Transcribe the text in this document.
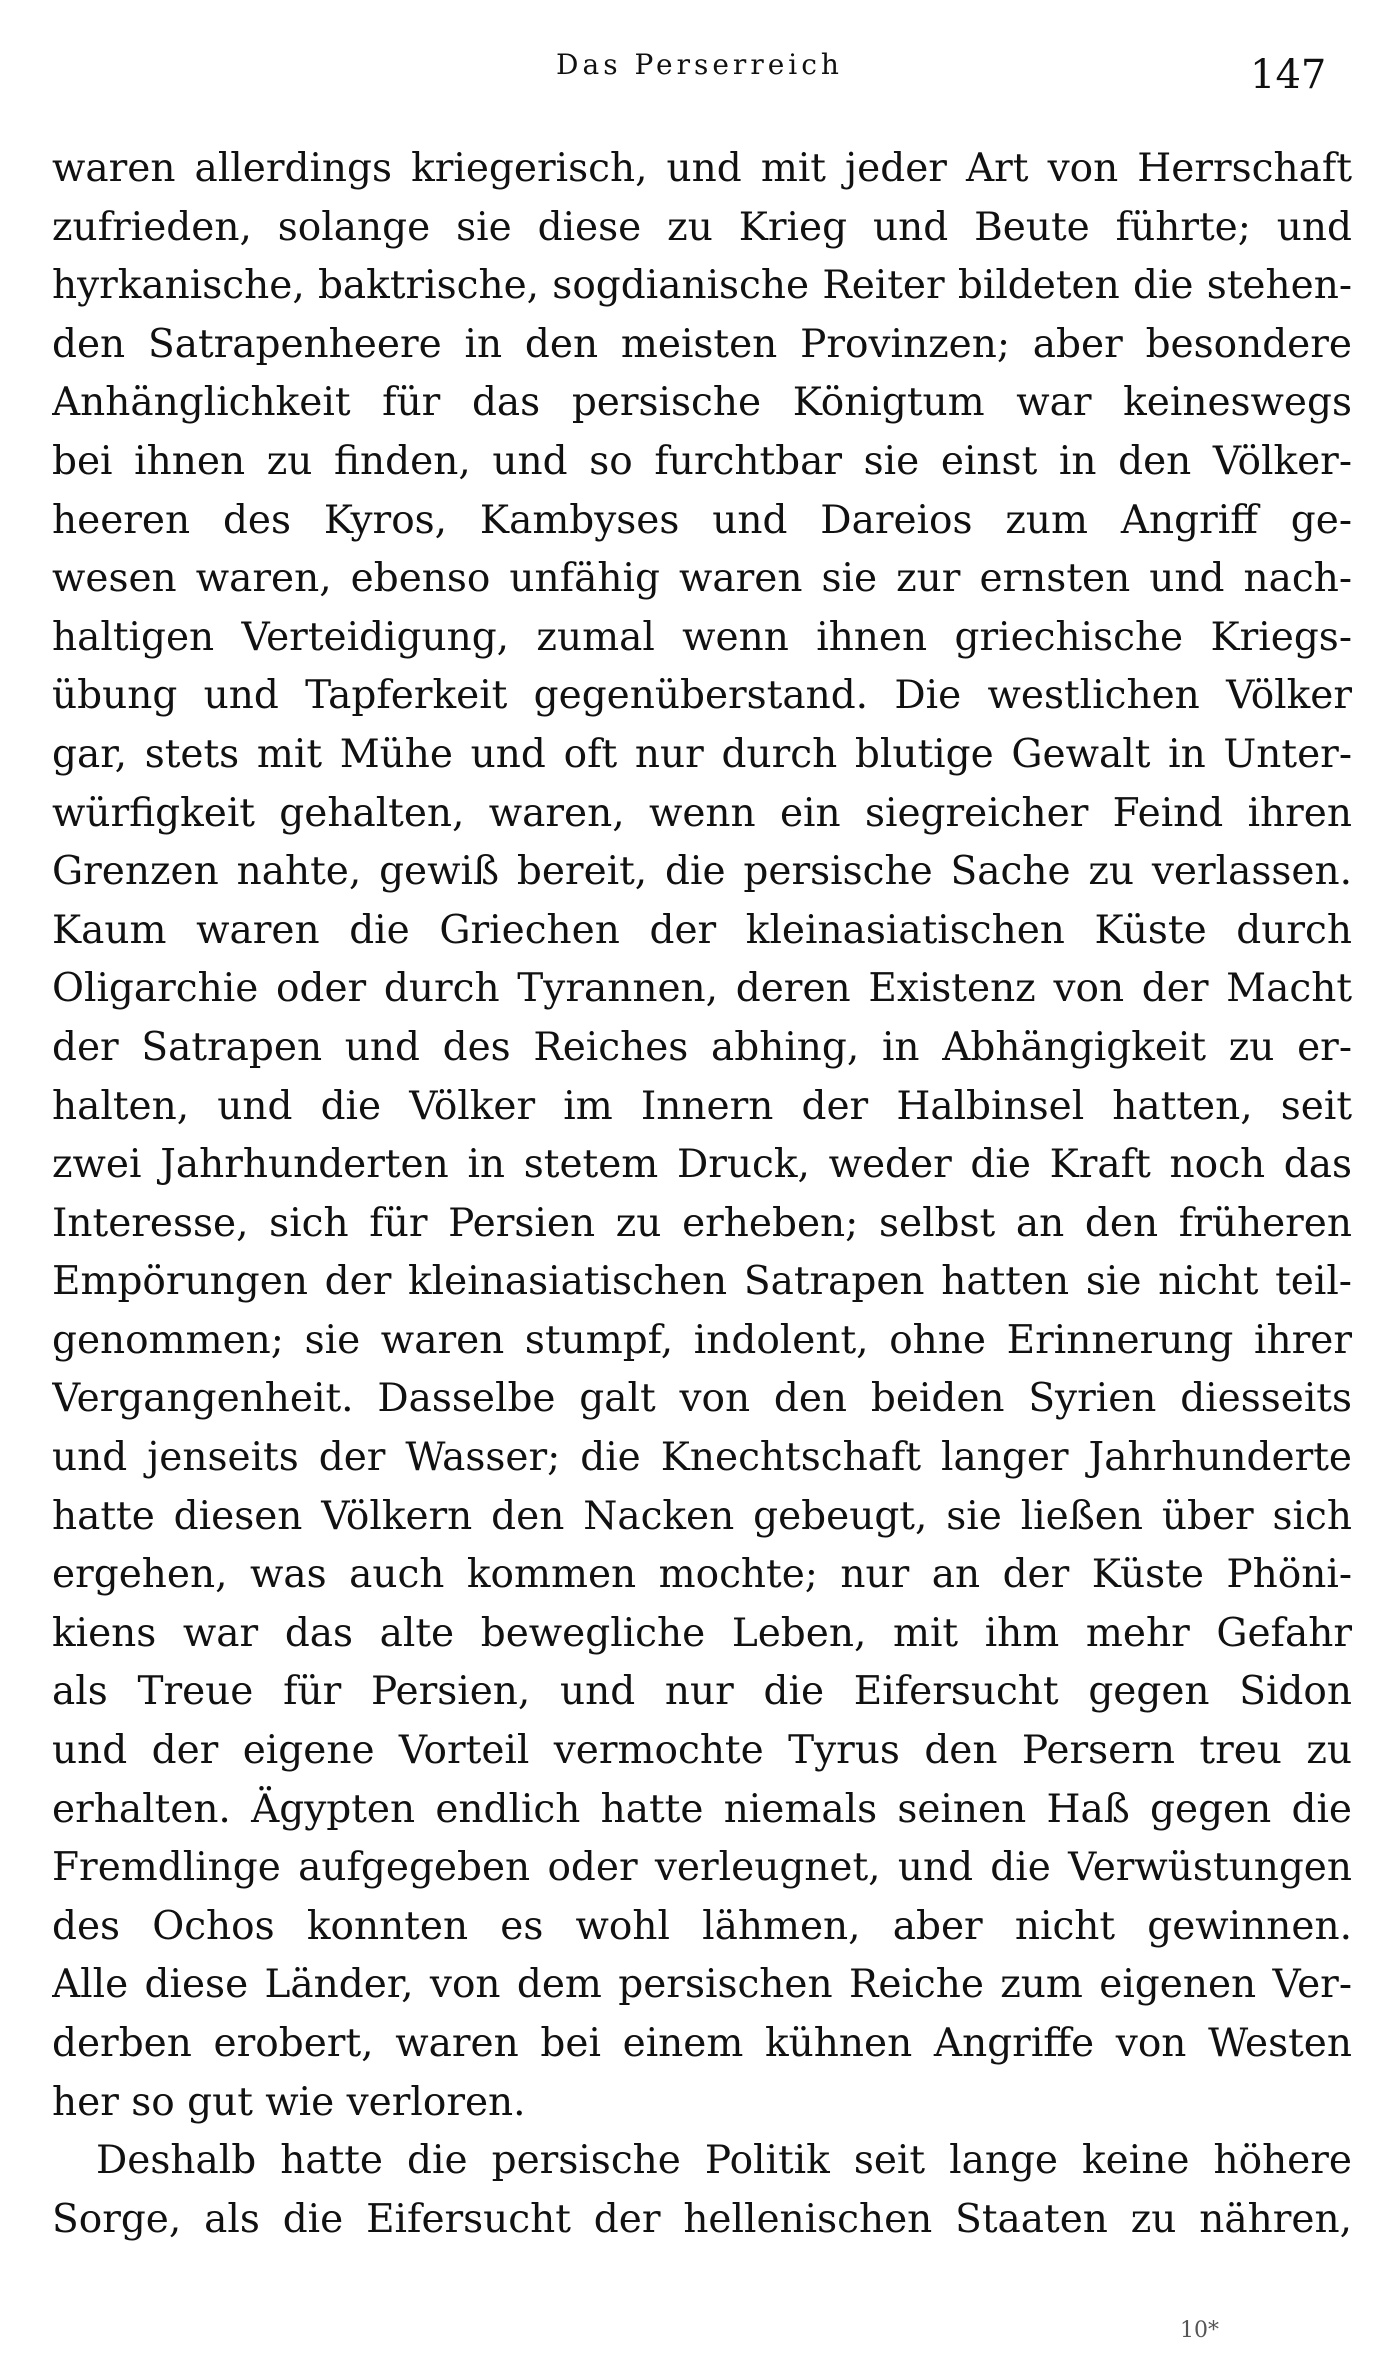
Das Perserreich	147
waren allerdings kriegerisch, und mit jeder Art von Herrschaft
zufrieden, solange sie diese zu Krieg und Beute führte; und
hyrkanische, baktrische, sogdianische Reiter bildeten die stehen-
den Satrapenheere in den meisten Provinzen; aber besondere
Anhänglichkeit für das persische Königtum war keineswegs
bei ihnen zu finden, und so furchtbar sie einst in den Völker-
heeren des Kyros, Kambyses und Dareios zum Angriff ge-
wesen waren, ebenso unfähig waren sie zur ernsten und nach-
haltigen Verteidigung, zumal wenn ihnen griechische Kriegs-
übung und Tapferkeit gegenüberstand. Die westlichen Völker
gar, stets mit Mühe und oft nur durch blutige Gewalt in Unter-
würfigkeit gehalten, waren, wenn ein siegreicher Feind ihren
Grenzen nahte, gewiß bereit, die persische Sache zu verlassen.
Kaum waren die Griechen der kleinasiatischen Küste durch
Oligarchie oder durch Tyrannen, deren Existenz von der Macht
der Satrapen und des Reiches abhing, in Abhängigkeit zu er-
halten, und die Völker im Innern der Halbinsel hatten, seit
zwei Jahrhunderten in stetem Druck, weder die Kraft noch das
Interesse, sich für Persien zu erheben; selbst an den früheren
Empörungen der kleinasiatischen Satrapen hatten sie nicht teil-
genommen; sie waren stumpf, indolent, ohne Erinnerung ihrer
Vergangenheit. Dasselbe galt von den beiden Syrien diesseits
und jenseits der Wasser; die Knechtschaft langer Jahrhunderte
hatte diesen Völkern den Nacken gebeugt, sie ließen über sich
ergehen, was auch kommen mochte; nur an der Küste Phöni-
kiens war das alte bewegliche Leben, mit ihm mehr Gefahr
als Treue für Persien, und nur die Eifersucht gegen Sidon
und der eigene Vorteil vermochte Tyrus den Persern treu zu
erhalten. Ägypten endlich hatte niemals seinen Haß gegen die
Fremdlinge aufgegeben oder verleugnet, und die Verwüstungen
des Ochos konnten es wohl lähmen, aber nicht gewinnen.
Alle diese Länder, von dem persischen Reiche zum eigenen Ver-
derben erobert, waren bei einem kühnen Angriffe von Westen
her so gut wie verloren.
Deshalb hatte die persische Politik seit lange keine höhere
Sorge, als die Eifersucht der hellenischen Staaten zu nähren,
10*
